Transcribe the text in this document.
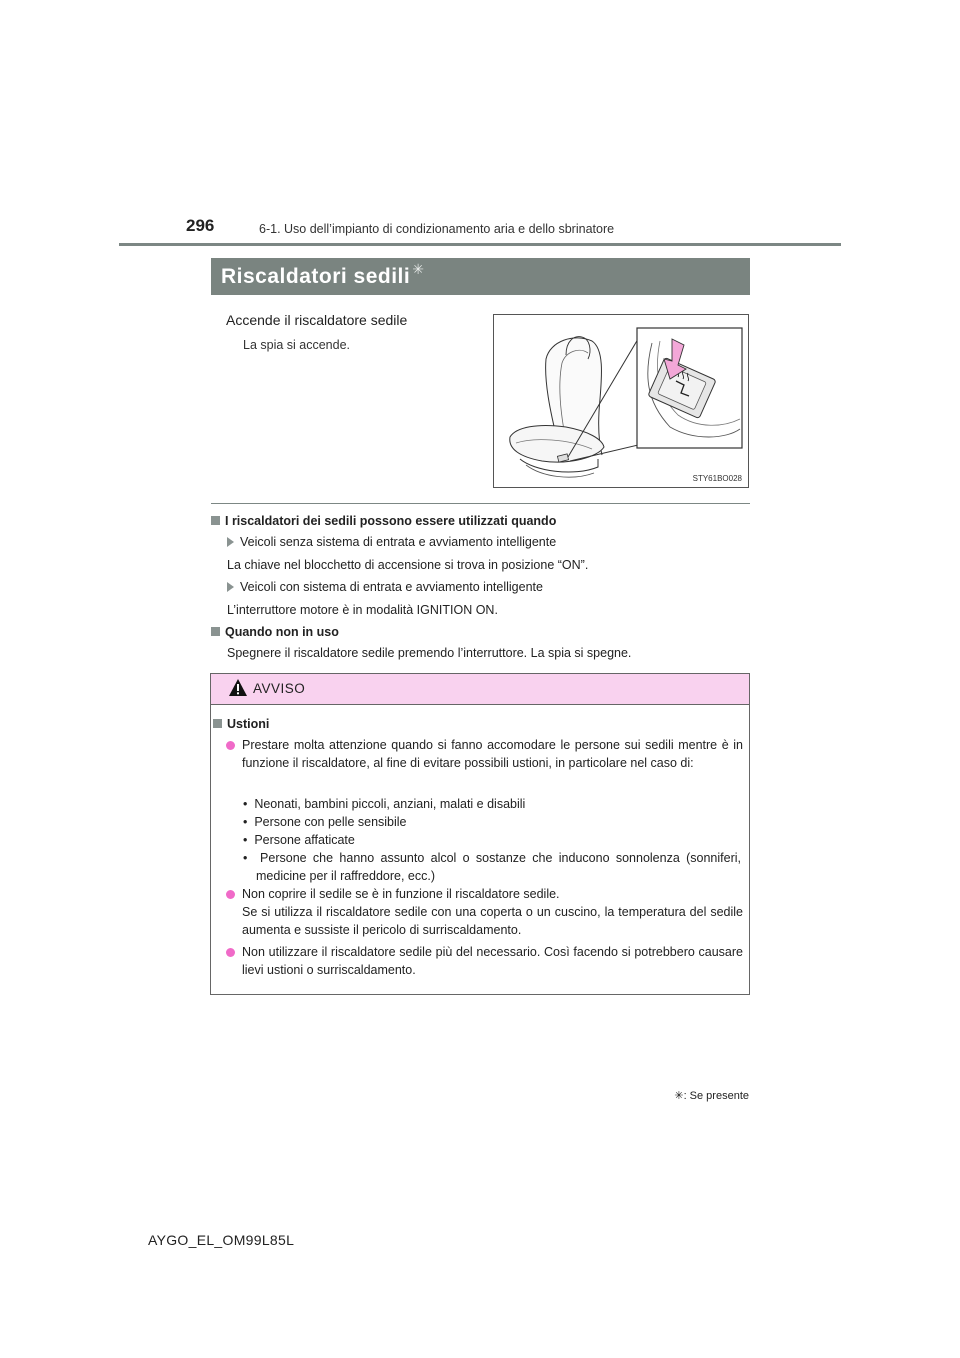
296	6-1. Uso dell’impianto di condizionamento aria e dello sbrinatore
Riscaldatori sedili ✳
Accende il riscaldatore sedile
La spia si accende.
STY61BO028
I riscaldatori dei sedili possono essere utilizzati quando
Veicoli senza sistema di entrata e avviamento intelligente
La chiave nel blocchetto di accensione si trova in posizione “ON”.
Veicoli con sistema di entrata e avviamento intelligente
L’interruttore motore è in modalità IGNITION ON.
Quando non in uso
Spegnere il riscaldatore sedile premendo l’interruttore. La spia si spegne.
AVVISO
Ustioni
Prestare molta attenzione quando si fanno accomodare le persone sui sedili mentre è in funzione il riscaldatore, al fine di evitare possibili ustioni, in particolare nel caso di:
•  Neonati, bambini piccoli, anziani, malati e disabili
•  Persone con pelle sensibile
•  Persone affaticate
•  Persone che hanno assunto alcol o sostanze che inducono sonnolenza (sonniferi, medicine per il raffreddore, ecc.)
Non coprire il sedile se è in funzione il riscaldatore sedile.
Se si utilizza il riscaldatore sedile con una coperta o un cuscino, la temperatura del sedile aumenta e sussiste il pericolo di surriscaldamento.
Non utilizzare il riscaldatore sedile più del necessario. Così facendo si potrebbero causare lievi ustioni o surriscaldamento.
✳: Se presente
AYGO_EL_OM99L85L
